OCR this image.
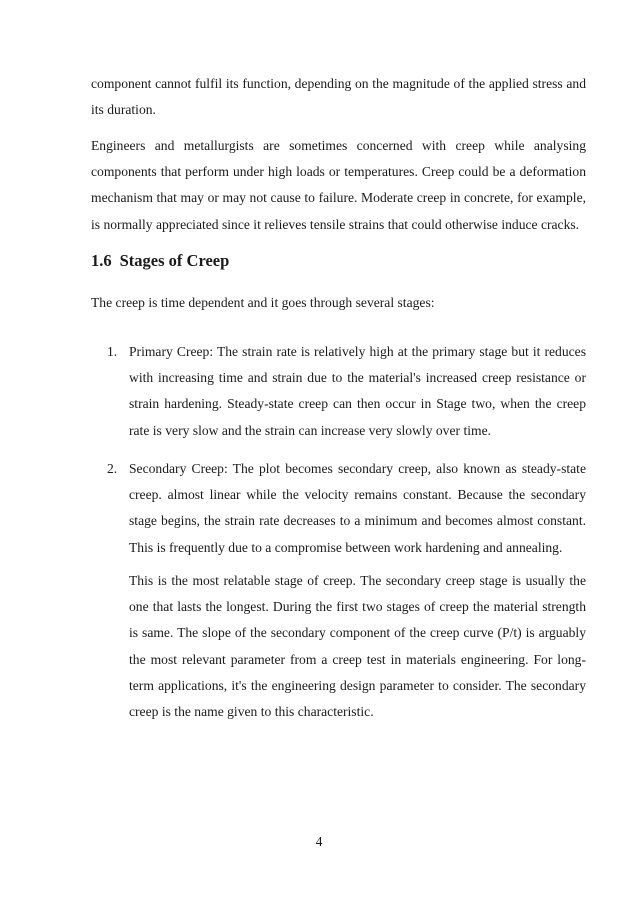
component cannot fulfil its function, depending on the magnitude of the applied stress and its duration.

Engineers and metallurgists are sometimes concerned with creep while analysing components that perform under high loads or temperatures. Creep could be a deformation mechanism that may or may not cause to failure. Moderate creep in concrete, for example, is normally appreciated since it relieves tensile strains that could otherwise induce cracks.

1.6 Stages of Creep

The creep is time dependent and it goes through several stages:

1. Primary Creep: The strain rate is relatively high at the primary stage but it reduces with increasing time and strain due to the material's increased creep resistance or strain hardening. Steady-state creep can then occur in Stage two, when the creep rate is very slow and the strain can increase very slowly over time.

2. Secondary Creep: The plot becomes secondary creep, also known as steady-state creep. almost linear while the velocity remains constant. Because the secondary stage begins, the strain rate decreases to a minimum and becomes almost constant. This is frequently due to a compromise between work hardening and annealing.

This is the most relatable stage of creep. The secondary creep stage is usually the one that lasts the longest. During the first two stages of creep the material strength is same. The slope of the secondary component of the creep curve (P/t) is arguably the most relevant parameter from a creep test in materials engineering. For long-term applications, it's the engineering design parameter to consider. The secondary creep is the name given to this characteristic.

4
